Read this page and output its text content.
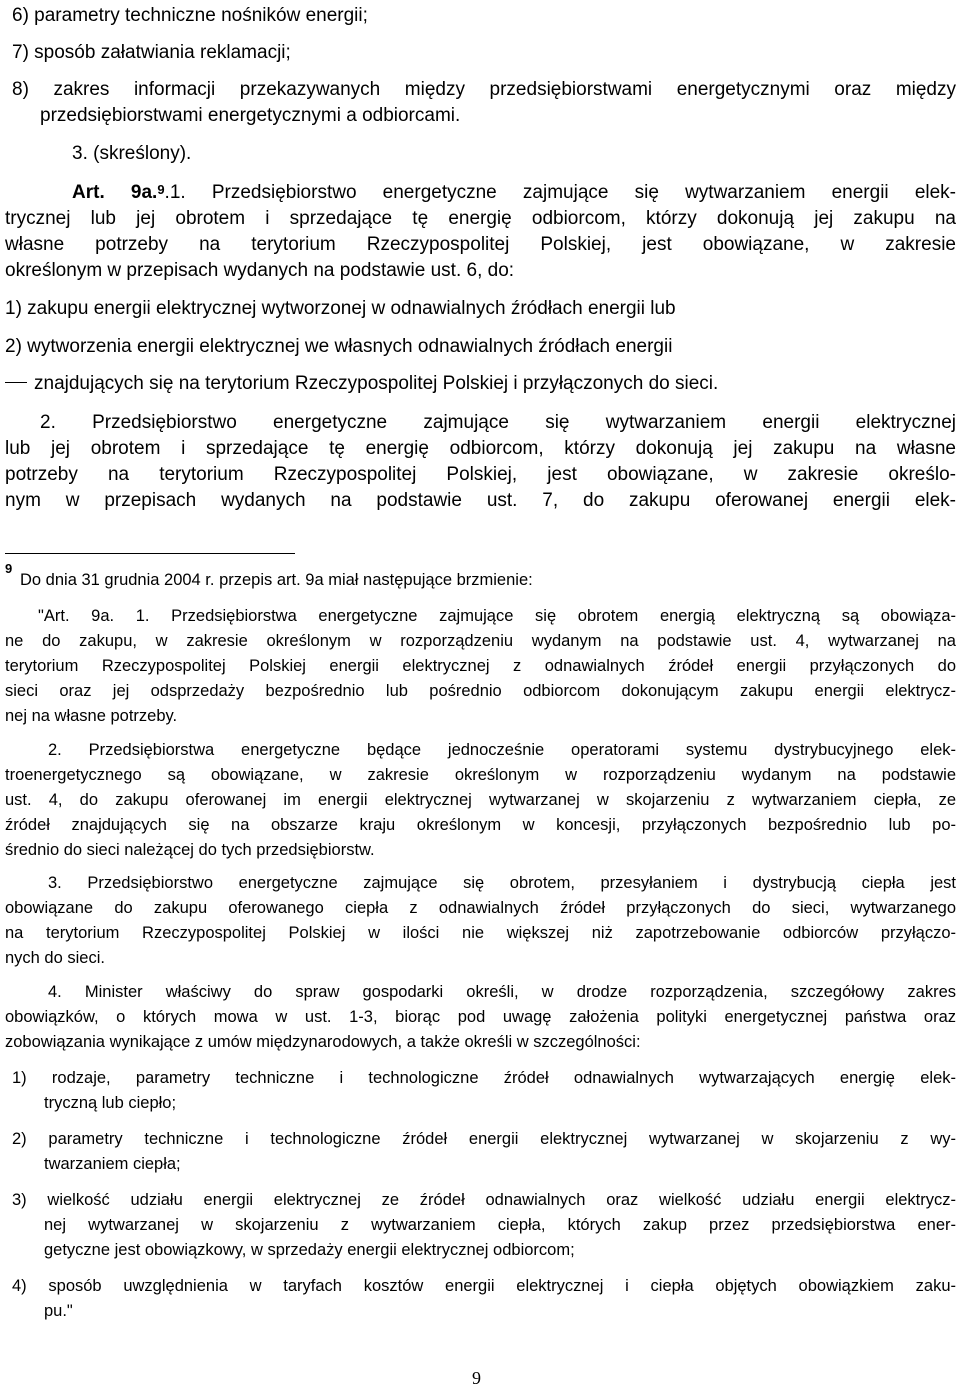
6) parametry techniczne nośników energii;
7) sposób załatwiania reklamacji;
8) zakres informacji przekazywanych między przedsiębiorstwami energetycznymi oraz między
przedsiębiorstwami energetycznymi a odbiorcami.
3. (skreślony).
Art. 9a.$^9$.1. Przedsiębiorstwo energetyczne zajmujące się wytwarzaniem energii elek-
trycznej lub jej obrotem i sprzedające tę energię odbiorcom, którzy dokonują jej zakupu na
własne potrzeby na terytorium Rzeczypospolitej Polskiej, jest obowiązane, w zakresie
określonym w przepisach wydanych na podstawie ust. 6, do:
1) zakupu energii elektrycznej wytworzonej w odnawialnych źródłach energii lub
2) wytworzenia energii elektrycznej we własnych odnawialnych źródłach energii
znajdujących się na terytorium Rzeczypospolitej Polskiej i przyłączonych do sieci.
2. Przedsiębiorstwo energetyczne zajmujące się wytwarzaniem energii elektrycznej
lub jej obrotem i sprzedające tę energię odbiorcom, którzy dokonują jej zakupu na własne
potrzeby na terytorium Rzeczypospolitej Polskiej, jest obowiązane, w zakresie określo-
nym w przepisach wydanych na podstawie ust. 7, do zakupu oferowanej energii elek-
9
Do dnia 31 grudnia 2004 r. przepis art. 9a miał następujące brzmienie:
"Art. 9a. 1. Przedsiębiorstwa energetyczne zajmujące się obrotem energią elektryczną są obowiąza-
ne do zakupu, w zakresie określonym w rozporządzeniu wydanym na podstawie ust. 4, wytwarzanej na
terytorium Rzeczypospolitej Polskiej energii elektrycznej z odnawialnych źródeł energii przyłączonych do
sieci oraz jej odsprzedaży bezpośrednio lub pośrednio odbiorcom dokonującym zakupu energii elektrycz-
nej na własne potrzeby.
2. Przedsiębiorstwa energetyczne będące jednocześnie operatorami systemu dystrybucyjnego elek-
troenergetycznego są obowiązane, w zakresie określonym w rozporządzeniu wydanym na podstawie
ust. 4, do zakupu oferowanej im energii elektrycznej wytwarzanej w skojarzeniu z wytwarzaniem ciepła, ze
źródeł znajdujących się na obszarze kraju określonym w koncesji, przyłączonych bezpośrednio lub po-
średnio do sieci należącej do tych przedsiębiorstw.
3. Przedsiębiorstwo energetyczne zajmujące się obrotem, przesyłaniem i dystrybucją ciepła jest
obowiązane do zakupu oferowanego ciepła z odnawialnych źródeł przyłączonych do sieci, wytwarzanego
na terytorium Rzeczypospolitej Polskiej w ilości nie większej niż zapotrzebowanie odbiorców przyłączo-
nych do sieci.
4. Minister właściwy do spraw gospodarki określi, w drodze rozporządzenia, szczegółowy zakres
obowiązków, o których mowa w ust. 1-3, biorąc pod uwagę założenia polityki energetycznej państwa oraz
zobowiązania wynikające z umów międzynarodowych, a także określi w szczególności:
1) rodzaje, parametry techniczne i technologiczne źródeł odnawialnych wytwarzających energię elek-
tryczną lub ciepło;
2) parametry techniczne i technologiczne źródeł energii elektrycznej wytwarzanej w skojarzeniu z wy-
twarzaniem ciepła;
3) wielkość udziału energii elektrycznej ze źródeł odnawialnych oraz wielkość udziału energii elektrycz-
nej wytwarzanej w skojarzeniu z wytwarzaniem ciepła, których zakup przez przedsiębiorstwa ener-
getyczne jest obowiązkowy, w sprzedaży energii elektrycznej odbiorcom;
4) sposób uwzględnienia w taryfach kosztów energii elektrycznej i ciepła objętych obowiązkiem zaku-
pu."
9
